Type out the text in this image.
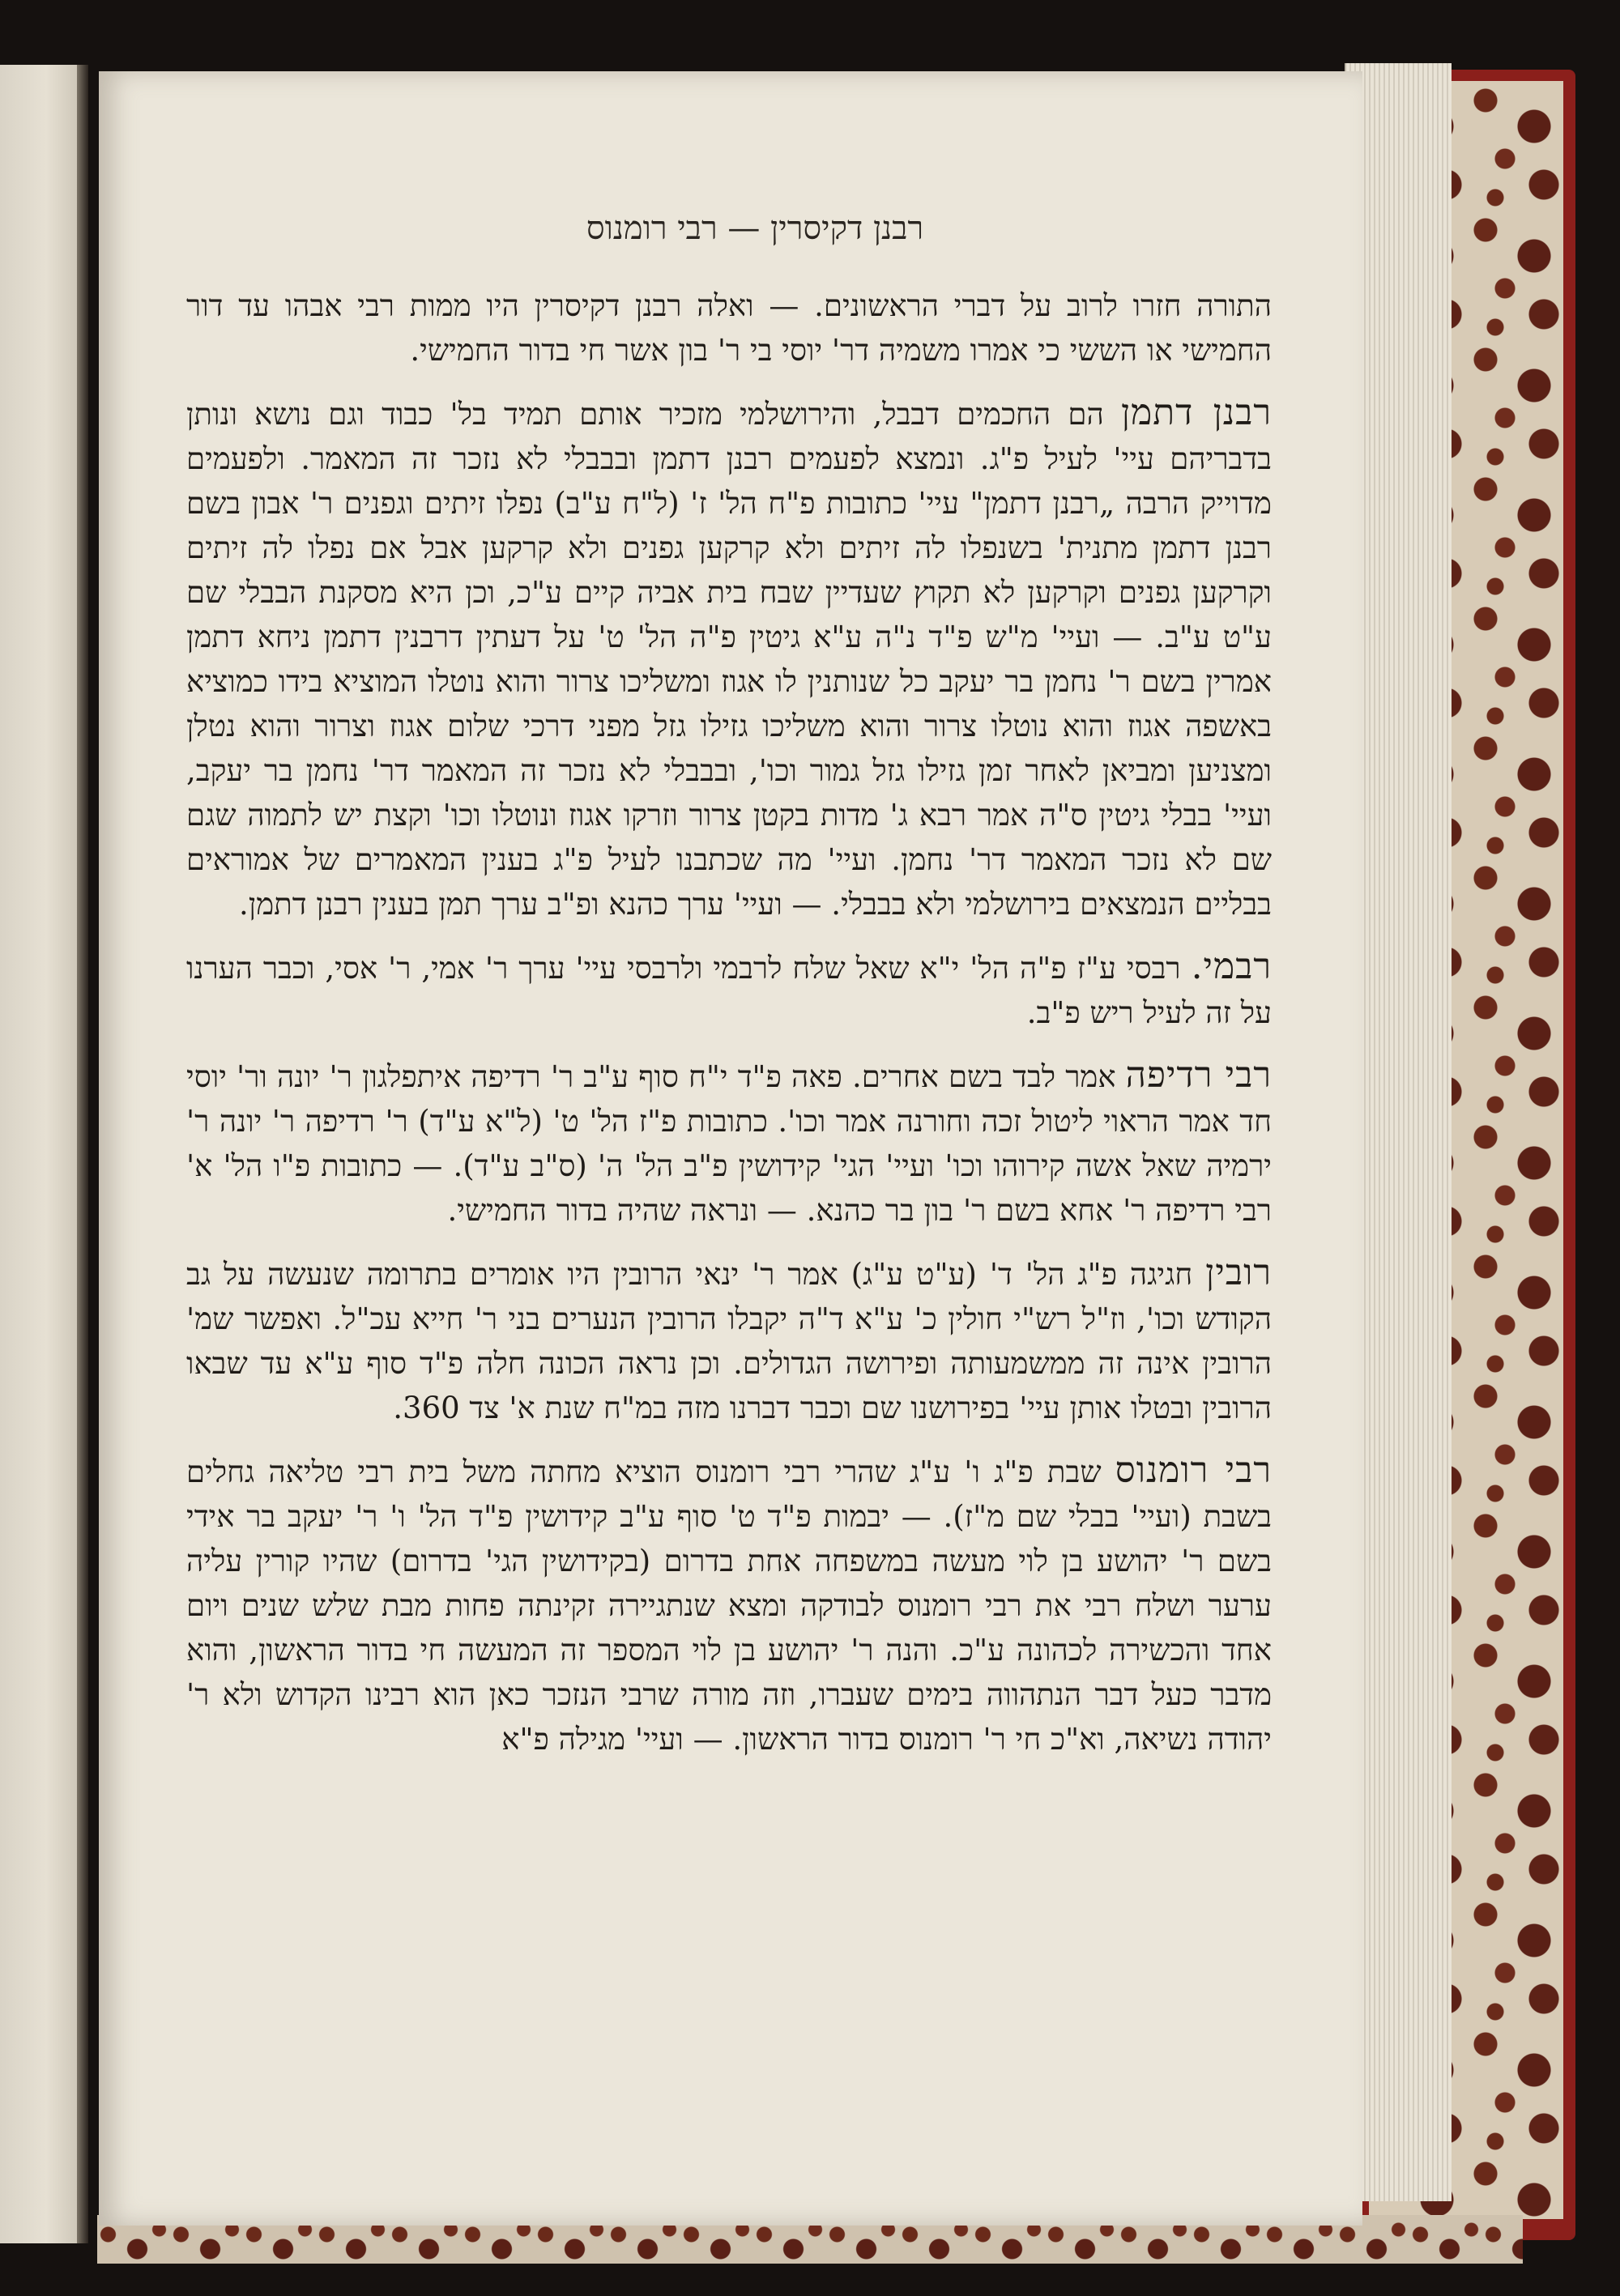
רבנן דקיסרין — רבי רומנוס

התורה חזרו לרוב על דברי הראשונים. — ואלה רבנן דקיסרין היו ממות רבי אבהו עד דור החמישי או הששי כי אמרו משמיה דר' יוסי בי ר' בון אשר חי בדור החמישי.

רבנן דתמן הם החכמים דבבל, והירושלמי מזכיר אותם תמיד בל' כבוד וגם נושא ונותן בדבריהם עיי' לעיל פ"ג. ונמצא לפעמים רבנן דתמן ובבבלי לא נזכר זה המאמר. ולפעמים מדוייק הרבה „רבנן דתמן" עיי' כתובות פ"ח הל' ז' (ל"ח ע"ב) נפלו זיתים וגפנים ר' אבון בשם רבנן דתמן מתנית' בשנפלו לה זיתים ולא קרקען גפנים ולא קרקען אבל אם נפלו לה זיתים וקרקען גפנים וקרקען לא תקוץ שעדיין שבח בית אביה קיים ע"כ, וכן היא מסקנת הבבלי שם ע"ט ע"ב. — ועיי' מ"ש פ"ד נ"ה ע"א גיטין פ"ה הל' ט' על דעתין דרבנין דתמן ניחא דתמן אמרין בשם ר' נחמן בר יעקב כל שנותנין לו אגוז ומשליכו צרור והוא נוטלו המוציא בידו כמוציא באשפה אגוז והוא נוטלו צרור והוא משליכו גזילו גזל מפני דרכי שלום אגוז וצרור והוא נטלן ומצניען ומביאן לאחר זמן גזילו גזל גמור וכו', ובבבלי לא נזכר זה המאמר דר' נחמן בר יעקב, ועיי' בבלי גיטין ס"ה אמר רבא ג' מדות בקטן צרור וזרקו אגוז ונוטלו וכו' וקצת יש לתמוה שגם שם לא נזכר המאמר דר' נחמן. ועיי' מה שכתבנו לעיל פ"ג בענין המאמרים של אמוראים בבליים הנמצאים בירושלמי ולא בבבלי. — ועיי' ערך כהנא ופ"ב ערך תמן בענין רבנן דתמן.

רבמי. רבסי ע"ז פ"ה הל' י"א שאל שלח לרבמי ולרבסי עיי' ערך ר' אמי, ר' אסי, וכבר הערנו על זה לעיל ריש פ"ב.

רבי רדיפה אמר לבד בשם אחרים. פאה פ"ד י"ח סוף ע"ב ר' רדיפה איתפלגון ר' יונה ור' יוסי חד אמר הראוי ליטול זכה וחורנה אמר וכו'. כתובות פ"ז הל' ט' (ל"א ע"ד) ר' רדיפה ר' יונה ר' ירמיה שאל אשה קירוהו וכו' ועיי' הגי' קידושין פ"ב הל' ה' (ס"ב ע"ד). — כתובות פ"ו הל' א' רבי רדיפה ר' אחא בשם ר' בון בר כהנא. — ונראה שהיה בדור החמישי.

רובין חגיגה פ"ג הל' ד' (ע"ט ע"ג) אמר ר' ינאי הרובין היו אומרים בתרומה שנעשה על גב הקודש וכו', וז"ל רש"י חולין כ' ע"א ד"ה יקבלו הרובין הנערים בני ר' חייא עכ"ל. ואפשר שמ' הרובין אינה זה ממשמעותה ופירושה הגדולים. וכן נראה הכונה חלה פ"ד סוף ע"א עד שבאו הרובין ובטלו אותן עיי' בפירושנו שם וכבר דברנו מזה במ"ח שנת א' צד 360.

רבי רומנוס שבת פ"ג ו' ע"ג שהרי רבי רומנוס הוציא מחתה משל בית רבי טליאה גחלים בשבת (ועיי' בבלי שם מ"ז). — יבמות פ"ד ט' סוף ע"ב קידושין פ"ד הל' ו' ר' יעקב בר אידי בשם ר' יהושע בן לוי מעשה במשפחה אחת בדרום (בקידושין הגי' בדרום) שהיו קורין עליה ערער ושלח רבי את רבי רומנוס לבודקה ומצא שנתגיירה זקינתה פחות מבת שלש שנים ויום אחד והכשירה לכהונה ע"כ. והנה ר' יהושע בן לוי המספר זה המעשה חי בדור הראשון, והוא מדבר כעל דבר הנתהווה בימים שעברו, וזה מורה שרבי הנזכר כאן הוא רבינו הקדוש ולא ר' יהודה נשיאה, וא"כ חי ר' רומנוס בדור הראשון. — ועיי' מגילה פ"א
